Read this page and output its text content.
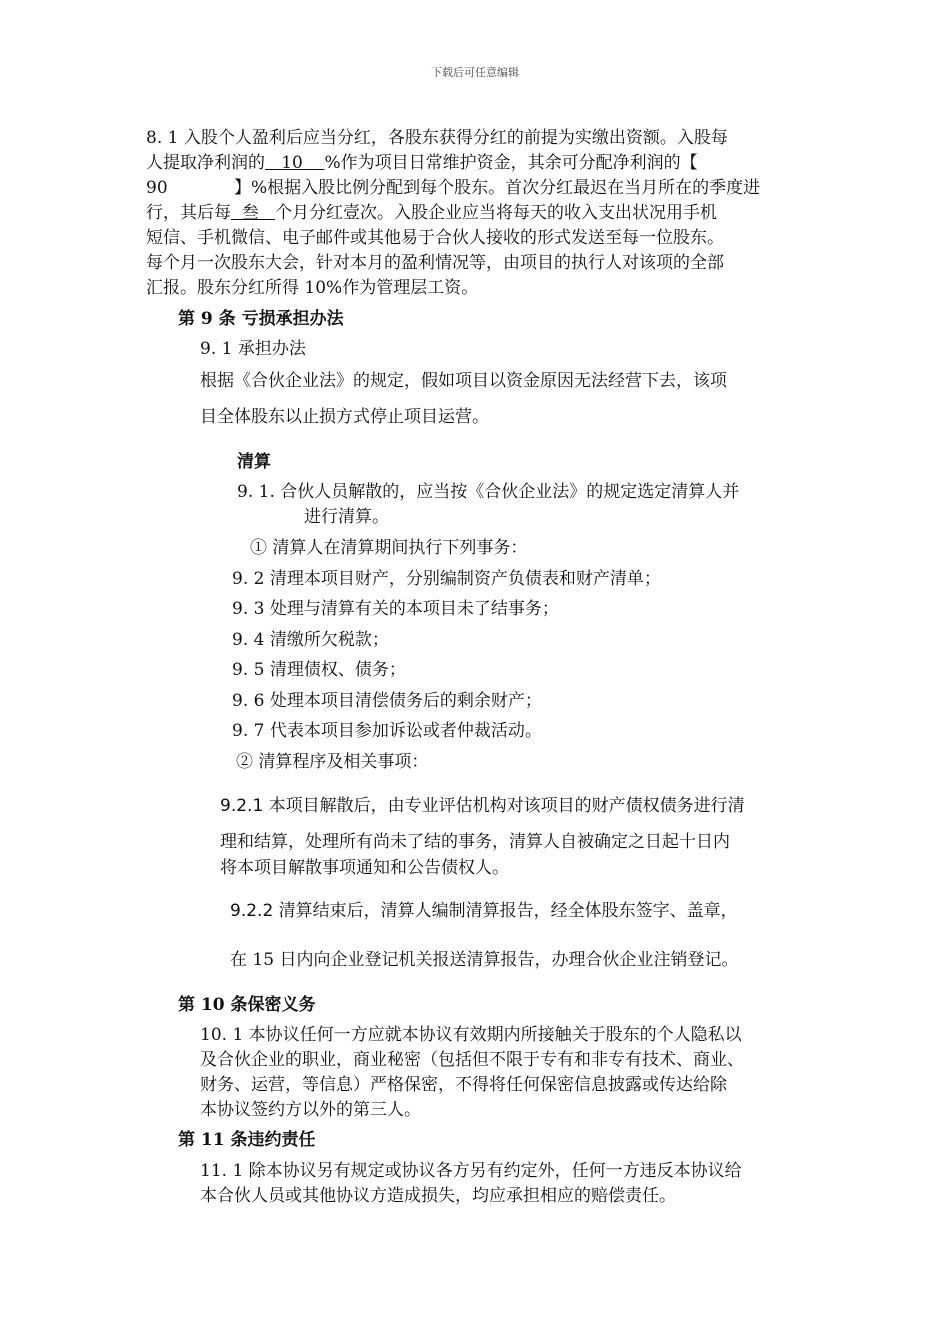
下载后可任意编辑
8. 1 入股个人盈利后应当分红，各股东获得分红的前提为实缴出资额。入股每
人提取净利润的   10    %作为项目日常维护资金，其余可分配净利润的【
90	】%根据入股比例分配到每个股东。首次分红最迟在当月所在的季度进
行，其后每  叁   个月分红壹次。入股企业应当将每天的收入支出状况用手机
短信、手机微信、电子邮件或其他易于合伙人接收的形式发送至每一位股东。
每个月一次股东大会，针对本月的盈利情况等，由项目的执行人对该项的全部
汇报。股东分红所得 10%作为管理层工资。
第 9 条 亏损承担办法
9. 1 承担办法
根据《合伙企业法》的规定，假如项目以资金原因无法经营下去，该项
目全体股东以止损方式停止项目运营。
清算
9. 1. 合伙人员解散的，应当按《合伙企业法》的规定选定清算人并
进行清算。
① 清算人在清算期间执行下列事务：
9. 2 清理本项目财产，分别编制资产负债表和财产清单；
9. 3 处理与清算有关的本项目未了结事务；
9. 4 清缴所欠税款；
9. 5 清理债权、债务；
9. 6 处理本项目清偿债务后的剩余财产；
9. 7 代表本项目参加诉讼或者仲裁活动。
② 清算程序及相关事项：
9.2.1 本项目解散后，由专业评估机构对该项目的财产债权债务进行清
理和结算，处理所有尚未了结的事务，清算人自被确定之日起十日内
将本项目解散事项通知和公告债权人。
9.2.2 清算结束后，清算人编制清算报告，经全体股东签字、盖章，
在 15 日内向企业登记机关报送清算报告，办理合伙企业注销登记。
第 10 条保密义务
10. 1 本协议任何一方应就本协议有效期内所接触关于股东的个人隐私以
及合伙企业的职业，商业秘密（包括但不限于专有和非专有技术、商业、
财务、运营，等信息）严格保密，不得将任何保密信息披露或传达给除
本协议签约方以外的第三人。
第 11 条违约责任
11. 1 除本协议另有规定或协议各方另有约定外，任何一方违反本协议给
本合伙人员或其他协议方造成损失，均应承担相应的赔偿责任。
